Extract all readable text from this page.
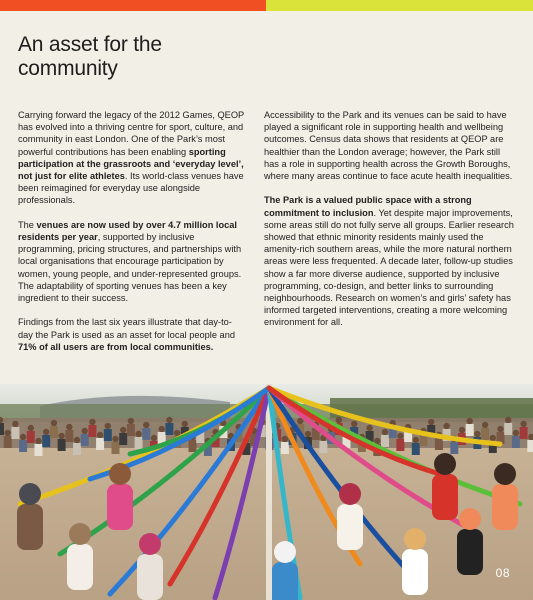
An asset for the
community

Carrying forward the legacy of the 2012 Games, QEOP has evolved into a thriving centre for sport, culture, and community in east London. One of the Park’s most powerful contributions has been enabling sporting participation at the grassroots and ‘everyday level’, not just for elite athletes. Its world-class venues have been reimagined for everyday use alongside professionals.

The venues are now used by over 4.7 million local residents per year, supported by inclusive programming, pricing structures, and partnerships with local organisations that encourage participation by women, young people, and under-represented groups. The adaptability of sporting venues has been a key ingredient to their success.

Findings from the last six years illustrate that day-to-day the Park is used as an asset for local people and 71% of all users are from local communities.

Accessibility to the Park and its venues can be said to have played a significant role in supporting health and wellbeing outcomes. Census data shows that residents at QEOP are healthier than the London average; however, the Park still has a role in supporting health across the Growth Boroughs, where many areas continue to face acute health inequalities.

The Park is a valued public space with a strong commitment to inclusion. Yet despite major improvements, some areas still do not fully serve all groups. Earlier research showed that ethnic minority residents mainly used the amenity-rich southern areas, while the more natural northern areas were less frequented. A decade later, follow-up studies show a far more diverse audience, supported by inclusive programming, co-design, and better links to surrounding neighbourhoods. Research on women’s and girls’ safety has informed targeted interventions, creating a more welcoming environment for all.

08
